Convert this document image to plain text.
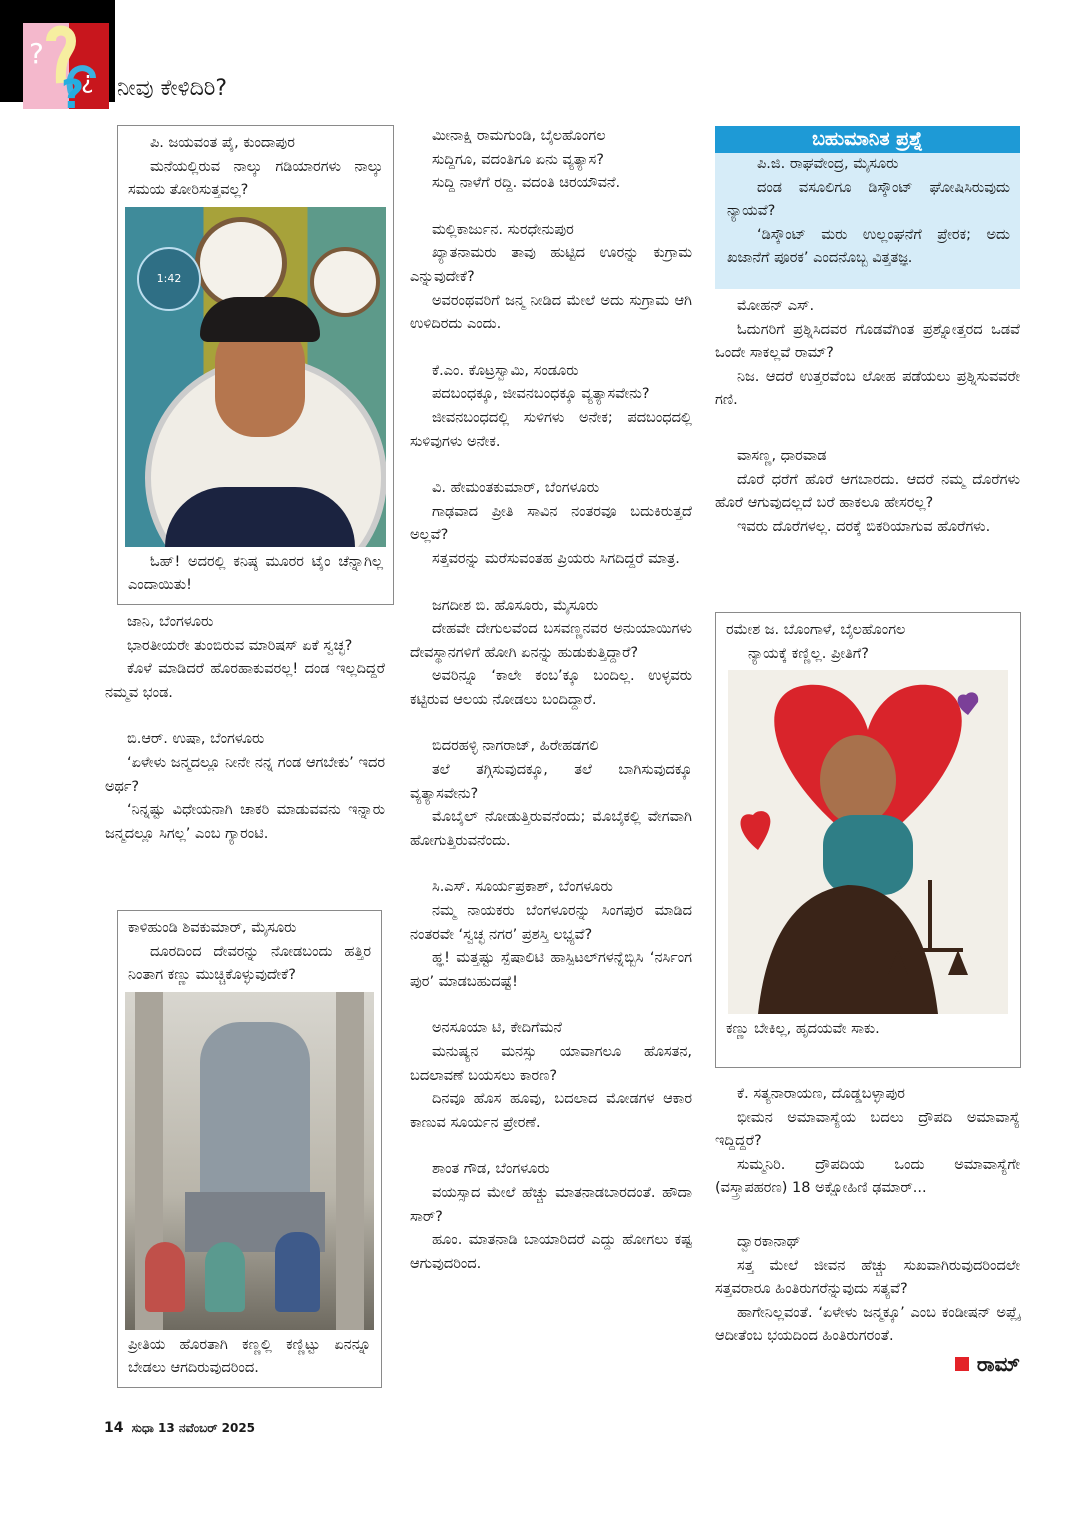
?
?
¿ ನೀವು ಕೇಳಿದಿರಿ?

ಪಿ. ಜಯವಂತ ಪೈ, ಕುಂದಾಪುರ

ಮನೆಯಲ್ಲಿರುವ ನಾಲ್ಕು ಗಡಿಯಾರಗಳು ನಾಲ್ಕು ಸಮಯ ತೋರಿಸುತ್ತವಲ್ಲ?

1:42

ಓಹ್! ಅದರಲ್ಲಿ ಕನಿಷ್ಠ ಮೂರರ ಟೈಂ ಚೆನ್ನಾಗಿಲ್ಲ ಎಂದಾಯಿತು!

ಜಾನಿ, ಬೆಂಗಳೂರು

ಭಾರತೀಯರೇ ತುಂಬಿರುವ ಮಾರಿಷಸ್ ಏಕೆ ಸ್ವಚ್ಛ?

ಕೊಳೆ ಮಾಡಿದರೆ ಹೊರಹಾಕುವರಲ್ಲ! ದಂಡ ಇಲ್ಲದಿದ್ದರೆ ನಮ್ಮವ ಭಂಡ.

ಬಿ.ಆರ್. ಉಷಾ, ಬೆಂಗಳೂರು

‘ಏಳೇಳು ಜನ್ಮದಲ್ಲೂ ನೀನೇ ನನ್ನ ಗಂಡ ಆಗಬೇಕು’ ಇದರ ಅರ್ಥ?

‘ನಿನ್ನಷ್ಟು ವಿಧೇಯನಾಗಿ ಚಾಕರಿ ಮಾಡುವವನು ಇನ್ನಾರು ಜನ್ಮದಲ್ಲೂ ಸಿಗಲ್ಲ’ ಎಂಬ ಗ್ಯಾರಂಟಿ.

ಕಾಳಿಹುಂಡಿ ಶಿವಕುಮಾರ್, ಮೈಸೂರು

ದೂರದಿಂದ ದೇವರನ್ನು ನೋಡಬಂದು ಹತ್ತಿರ ನಿಂತಾಗ ಕಣ್ಣು ಮುಚ್ಚಿಕೊಳ್ಳುವುದೇಕೆ?

ಪ್ರೀತಿಯ ಹೊರತಾಗಿ ಕಣ್ಣಲ್ಲಿ ಕಣ್ಣಿಟ್ಟು ಏನನ್ನೂ ಬೇಡಲು ಆಗದಿರುವುದರಿಂದ.

ಮೀನಾಕ್ಷಿ ರಾಮಗುಂಡಿ, ಬೈಲಹೊಂಗಲ

ಸುದ್ದಿಗೂ, ವದಂತಿಗೂ ಏನು ವ್ಯತ್ಯಾಸ?

ಸುದ್ದಿ ನಾಳೆಗೆ ರದ್ದಿ. ವದಂತಿ ಚಿರಯೌವನೆ.

ಮಲ್ಲಿಕಾರ್ಜುನ. ಸುರಧೇನುಪುರ

ಖ್ಯಾತನಾಮರು ತಾವು ಹುಟ್ಟಿದ ಊರನ್ನು ಕುಗ್ರಾಮ ಎನ್ನುವುದೇಕೆ?

ಅವರಂಥವರಿಗೆ ಜನ್ಮ ನೀಡಿದ ಮೇಲೆ ಅದು ಸುಗ್ರಾಮ ಆಗಿ ಉಳಿದಿರದು ಎಂದು.

ಕೆ.ಎಂ. ಕೊಟ್ರಸ್ವಾಮಿ, ಸಂಡೂರು

ಪದಬಂಧಕ್ಕೂ, ಜೀವನಬಂಧಕ್ಕೂ ವ್ಯತ್ಯಾಸವೇನು?

ಜೀವನಬಂಧದಲ್ಲಿ ಸುಳಿಗಳು ಅನೇಕ; ಪದಬಂಧದಲ್ಲಿ ಸುಳಿವುಗಳು ಅನೇಕ.

ವಿ. ಹೇಮಂತಕುಮಾರ್, ಬೆಂಗಳೂರು

ಗಾಢವಾದ ಪ್ರೀತಿ ಸಾವಿನ ನಂತರವೂ ಬದುಕಿರುತ್ತದೆ ಅಲ್ಲವೆ?

ಸತ್ತವರನ್ನು ಮರೆಸುವಂತಹ ಪ್ರಿಯರು ಸಿಗದಿದ್ದರೆ ಮಾತ್ರ.

ಜಗದೀಶ ಬಿ. ಹೊಸೂರು, ಮೈಸೂರು

ದೇಹವೇ ದೇಗುಲವೆಂದ ಬಸವಣ್ಣನವರ ಅನುಯಾಯಿಗಳು ದೇವಸ್ಥಾನಗಳಿಗೆ ಹೋಗಿ ಏನನ್ನು ಹುಡುಕುತ್ತಿದ್ದಾರೆ?

ಅವರಿನ್ನೂ ‘ಕಾಲೇ ಕಂಬ’ಕ್ಕೂ ಬಂದಿಲ್ಲ. ಉಳ್ಳವರು ಕಟ್ಟಿರುವ ಆಲಯ ನೋಡಲು ಬಂದಿದ್ದಾರೆ.

ಬಿದರಹಳ್ಳಿ ನಾಗರಾಜ್, ಹಿರೇಹಡಗಲಿ

ತಲೆ ತಗ್ಗಿಸುವುದಕ್ಕೂ, ತಲೆ ಬಾಗಿಸುವುದಕ್ಕೂ ವ್ಯತ್ಯಾಸವೇನು?

ಮೊಬೈಲ್ ನೋಡುತ್ತಿರುವನೆಂದು; ಮೊಬೈಕಲ್ಲಿ ವೇಗವಾಗಿ ಹೋಗುತ್ತಿರುವನೆಂದು.

ಸಿ.ಎಸ್. ಸೂರ್ಯಪ್ರಕಾಶ್, ಬೆಂಗಳೂರು

ನಮ್ಮ ನಾಯಕರು ಬೆಂಗಳೂರನ್ನು ಸಿಂಗಪುರ ಮಾಡಿದ ನಂತರವೇ ‘ಸ್ವಚ್ಛ ನಗರ’ ಪ್ರಶಸ್ತಿ ಲಭ್ಯವೆ?

ಹ್ಞ! ಮತ್ತಷ್ಟು ಸ್ಪೆಷಾಲಿಟಿ ಹಾಸ್ಪಿಟಲ್‌ಗಳನ್ನೆಬ್ಬಿಸಿ ‘ನರ್ಸಿಂಗ ಪುರ’ ಮಾಡಬಹುದಷ್ಟೆ!

ಅನಸೂಯಾ ಟಿ, ಕೇದಿಗೆಮನೆ

ಮನುಷ್ಯನ ಮನಸ್ಸು ಯಾವಾಗಲೂ ಹೊಸತನ, ಬದಲಾವಣೆ ಬಯಸಲು ಕಾರಣ?

ದಿನವೂ ಹೊಸ ಹೂವು, ಬದಲಾದ ಮೋಡಗಳ ಆಕಾರ ಕಾಣುವ ಸೂರ್ಯನ ಪ್ರೇರಣೆ.

ಶಾಂತ ಗೌಡ, ಬೆಂಗಳೂರು

ವಯಸ್ಸಾದ ಮೇಲೆ ಹೆಚ್ಚು ಮಾತನಾಡಬಾರದಂತೆ. ಹೌದಾ ಸಾರ್?

ಹೂಂ. ಮಾತನಾಡಿ ಬಾಯಾರಿದರೆ ಎದ್ದು ಹೋಗಲು ಕಷ್ಟ ಆಗುವುದರಿಂದ.

ಬಹುಮಾನಿತ ಪ್ರಶ್ನೆ

ಪಿ.ಜಿ. ರಾಘವೇಂದ್ರ, ಮೈಸೂರು

ದಂಡ ವಸೂಲಿಗೂ ಡಿಸ್ಕೌಂಟ್ ಘೋಷಿಸಿರುವುದು ನ್ಯಾಯವೆ?

‘ಡಿಸ್ಕೌಂಟ್ ಮರು ಉಲ್ಲಂಘನೆಗೆ ಪ್ರೇರಕ; ಅದು ಖಜಾನೆಗೆ ಪೂರಕ’ ಎಂದನೊಬ್ಬ ವಿತ್ತತಜ್ಞ.

ಮೋಹನ್ ಎಸ್.

ಓದುಗರಿಗೆ ಪ್ರಶ್ನಿಸಿದವರ ಗೊಡವೆಗಿಂತ ಪ್ರಶ್ನೋತ್ತರದ ಒಡವೆ ಒಂದೇ ಸಾಕಲ್ಲವೆ ರಾಮ್?

ನಿಜ. ಆದರೆ ಉತ್ತರವೆಂಬ ಲೋಹ ಪಡೆಯಲು ಪ್ರಶ್ನಿಸುವವರೇ ಗಣಿ.

ವಾಸಣ್ಣ, ಧಾರವಾಡ

ದೊರೆ ಧರೆಗೆ ಹೊರೆ ಆಗಬಾರದು. ಆದರೆ ನಮ್ಮ ದೊರೆಗಳು ಹೊರೆ ಆಗುವುದಲ್ಲದೆ ಬರೆ ಹಾಕಲೂ ಹೇಸರಲ್ಲ?

ಇವರು ದೊರೆಗಳಲ್ಲ. ದರಕ್ಕೆ ಬಿಕರಿಯಾಗುವ ಹೊರೆಗಳು.

ರಮೇಶ ಜ. ಬೊಂಗಾಳೆ, ಬೈಲಹೊಂಗಲ

ನ್ಯಾಯಕ್ಕೆ ಕಣ್ಣಿಲ್ಲ. ಪ್ರೀತಿಗೆ?

ಕಣ್ಣು ಬೇಕಿಲ್ಲ, ಹೃದಯವೇ ಸಾಕು.

ಕೆ. ಸತ್ಯನಾರಾಯಣ, ದೊಡ್ಡಬಳ್ಳಾಪುರ

ಭೀಮನ ಅಮಾವಾಸ್ಯೆಯ ಬದಲು ದ್ರೌಪದಿ ಅಮಾವಾಸ್ಯೆ ಇದ್ದಿದ್ದರೆ?

ಸುಮ್ಮನಿರಿ. ದ್ರೌಪದಿಯ ಒಂದು ಅಮಾವಾಸ್ಯೆಗೇ (ವಸ್ತ್ರಾಪಹರಣ) 18 ಅಕ್ಷೋಹಿಣಿ ಢಮಾರ್...

ದ್ವಾರಕಾನಾಥ್

ಸತ್ತ ಮೇಲೆ ಜೀವನ ಹೆಚ್ಚು ಸುಖವಾಗಿರುವುದರಿಂದಲೇ ಸತ್ತವರಾರೂ ಹಿಂತಿರುಗರೆನ್ನುವುದು ಸತ್ಯವೆ?

ಹಾಗೇನಿಲ್ಲವಂತೆ. ‘ಏಳೇಳು ಜನ್ಮಕ್ಕೂ’ ಎಂಬ ಕಂಡೀಷನ್ ಅಪ್ಲೈ ಆದೀತೆಂಬ ಭಯದಿಂದ ಹಿಂತಿರುಗರಂತೆ.

ರಾಮ್
14 ಸುಧಾ 13 ನವೆಂಬರ್ 2025
